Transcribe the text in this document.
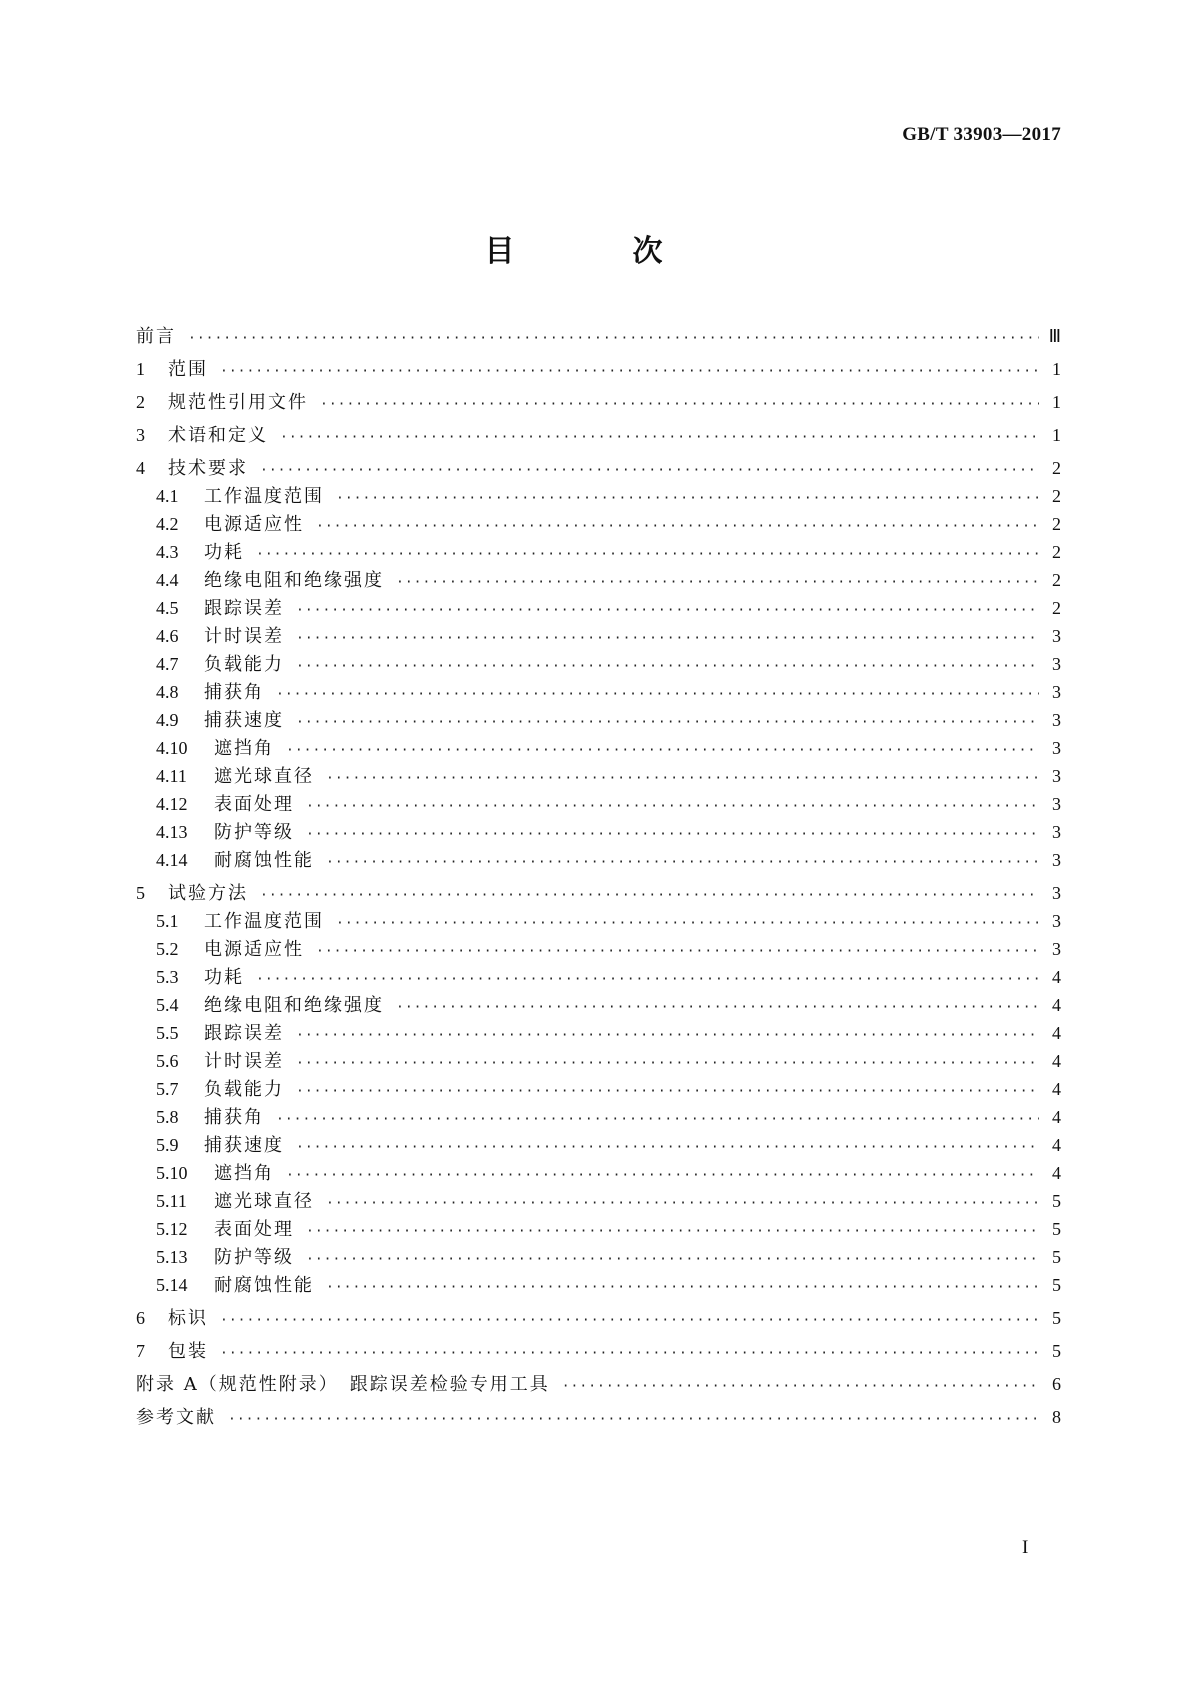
GB/T 33903—2017
目　次
前言 ·····	Ⅲ
1	范围 ·····	1
2	规范性引用文件 ·····	1
3	术语和定义 ·····	1
4	技术要求 ·····	2
4.1	工作温度范围 ·····	2
4.2	电源适应性 ·····	2
4.3	功耗 ·····	2
4.4	绝缘电阻和绝缘强度 ·····	2
4.5	跟踪误差 ·····	2
4.6	计时误差 ·····	3
4.7	负载能力 ·····	3
4.8	捕获角 ·····	3
4.9	捕获速度 ·····	3
4.10	遮挡角 ·····	3
4.11	遮光球直径 ·····	3
4.12	表面处理 ·····	3
4.13	防护等级 ·····	3
4.14	耐腐蚀性能 ·····	3
5	试验方法 ·····	3
5.1	工作温度范围 ·····	3
5.2	电源适应性 ·····	3
5.3	功耗 ·····	4
5.4	绝缘电阻和绝缘强度 ·····	4
5.5	跟踪误差 ·····	4
5.6	计时误差 ·····	4
5.7	负载能力 ·····	4
5.8	捕获角 ·····	4
5.9	捕获速度 ·····	4
5.10	遮挡角 ·····	4
5.11	遮光球直径 ·····	5
5.12	表面处理 ·····	5
5.13	防护等级 ·····	5
5.14	耐腐蚀性能 ·····	5
6	标识 ·····	5
7	包装 ·····	5
附录 A（规范性附录）　跟踪误差检验专用工具 ·····	6
参考文献 ·····	8
I
